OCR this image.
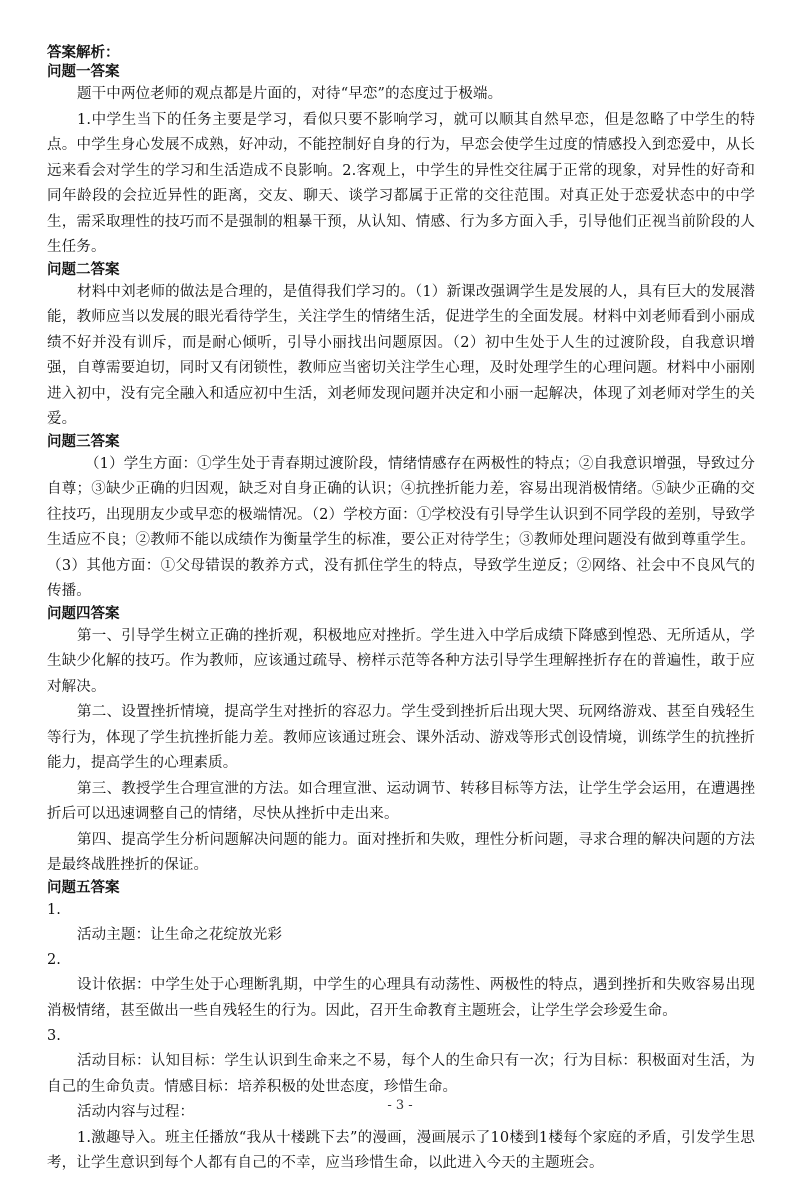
答案解析：

问题一答案

题干中两位老师的观点都是片面的，对待“早恋”的态度过于极端。

1.中学生当下的任务主要是学习，看似只要不影响学习，就可以顺其自然早恋，但是忽略了中学生的特点。中学生身心发展不成熟，好冲动，不能控制好自身的行为，早恋会使学生过度的情感投入到恋爱中，从长远来看会对学生的学习和生活造成不良影响。2.客观上，中学生的异性交往属于正常的现象，对异性的好奇和同年龄段的会拉近异性的距离，交友、聊天、谈学习都属于正常的交往范围。对真正处于恋爱状态中的中学生，需采取理性的技巧而不是强制的粗暴干预，从认知、情感、行为多方面入手，引导他们正视当前阶段的人生任务。

问题二答案

材料中刘老师的做法是合理的，是值得我们学习的。（1）新课改强调学生是发展的人，具有巨大的发展潜能，教师应当以发展的眼光看待学生，关注学生的情绪生活，促进学生的全面发展。材料中刘老师看到小丽成绩不好并没有训斥，而是耐心倾听，引导小丽找出问题原因。（2）初中生处于人生的过渡阶段，自我意识增强，自尊需要迫切，同时又有闭锁性，教师应当密切关注学生心理，及时处理学生的心理问题。材料中小丽刚进入初中，没有完全融入和适应初中生活，刘老师发现问题并决定和小丽一起解决，体现了刘老师对学生的关爱。

问题三答案

（1）学生方面：①学生处于青春期过渡阶段，情绪情感存在两极性的特点；②自我意识增强，导致过分自尊；③缺少正确的归因观，缺乏对自身正确的认识；④抗挫折能力差，容易出现消极情绪。⑤缺少正确的交往技巧，出现朋友少或早恋的极端情况。（2）学校方面：①学校没有引导学生认识到不同学段的差别，导致学生适应不良；②教师不能以成绩作为衡量学生的标准，要公正对待学生；③教师处理问题没有做到尊重学生。（3）其他方面：①父母错误的教养方式，没有抓住学生的特点，导致学生逆反；②网络、社会中不良风气的传播。

问题四答案

第一、引导学生树立正确的挫折观，积极地应对挫折。学生进入中学后成绩下降感到惶恐、无所适从，学生缺少化解的技巧。作为教师，应该通过疏导、榜样示范等各种方法引导学生理解挫折存在的普遍性，敢于应对解决。

第二、设置挫折情境，提高学生对挫折的容忍力。学生受到挫折后出现大哭、玩网络游戏、甚至自残轻生等行为，体现了学生抗挫折能力差。教师应该通过班会、课外活动、游戏等形式创设情境，训练学生的抗挫折能力，提高学生的心理素质。

第三、教授学生合理宣泄的方法。如合理宣泄、运动调节、转移目标等方法，让学生学会运用，在遭遇挫折后可以迅速调整自己的情绪，尽快从挫折中走出来。

第四、提高学生分析问题解决问题的能力。面对挫折和失败，理性分析问题，寻求合理的解决问题的方法是最终战胜挫折的保证。

问题五答案

1.

活动主题：让生命之花绽放光彩

2.

设计依据：中学生处于心理断乳期，中学生的心理具有动荡性、两极性的特点，遇到挫折和失败容易出现消极情绪，甚至做出一些自残轻生的行为。因此，召开生命教育主题班会，让学生学会珍爱生命。

3.

活动目标：认知目标：学生认识到生命来之不易，每个人的生命只有一次；行为目标：积极面对生活，为自己的生命负责。情感目标：培养积极的处世态度，珍惜生命。

活动内容与过程：

1.激趣导入。班主任播放“我从十楼跳下去”的漫画，漫画展示了10楼到1楼每个家庭的矛盾，引发学生思考，让学生意识到每个人都有自己的不幸，应当珍惜生命，以此进入今天的主题班会。

- 3 -
